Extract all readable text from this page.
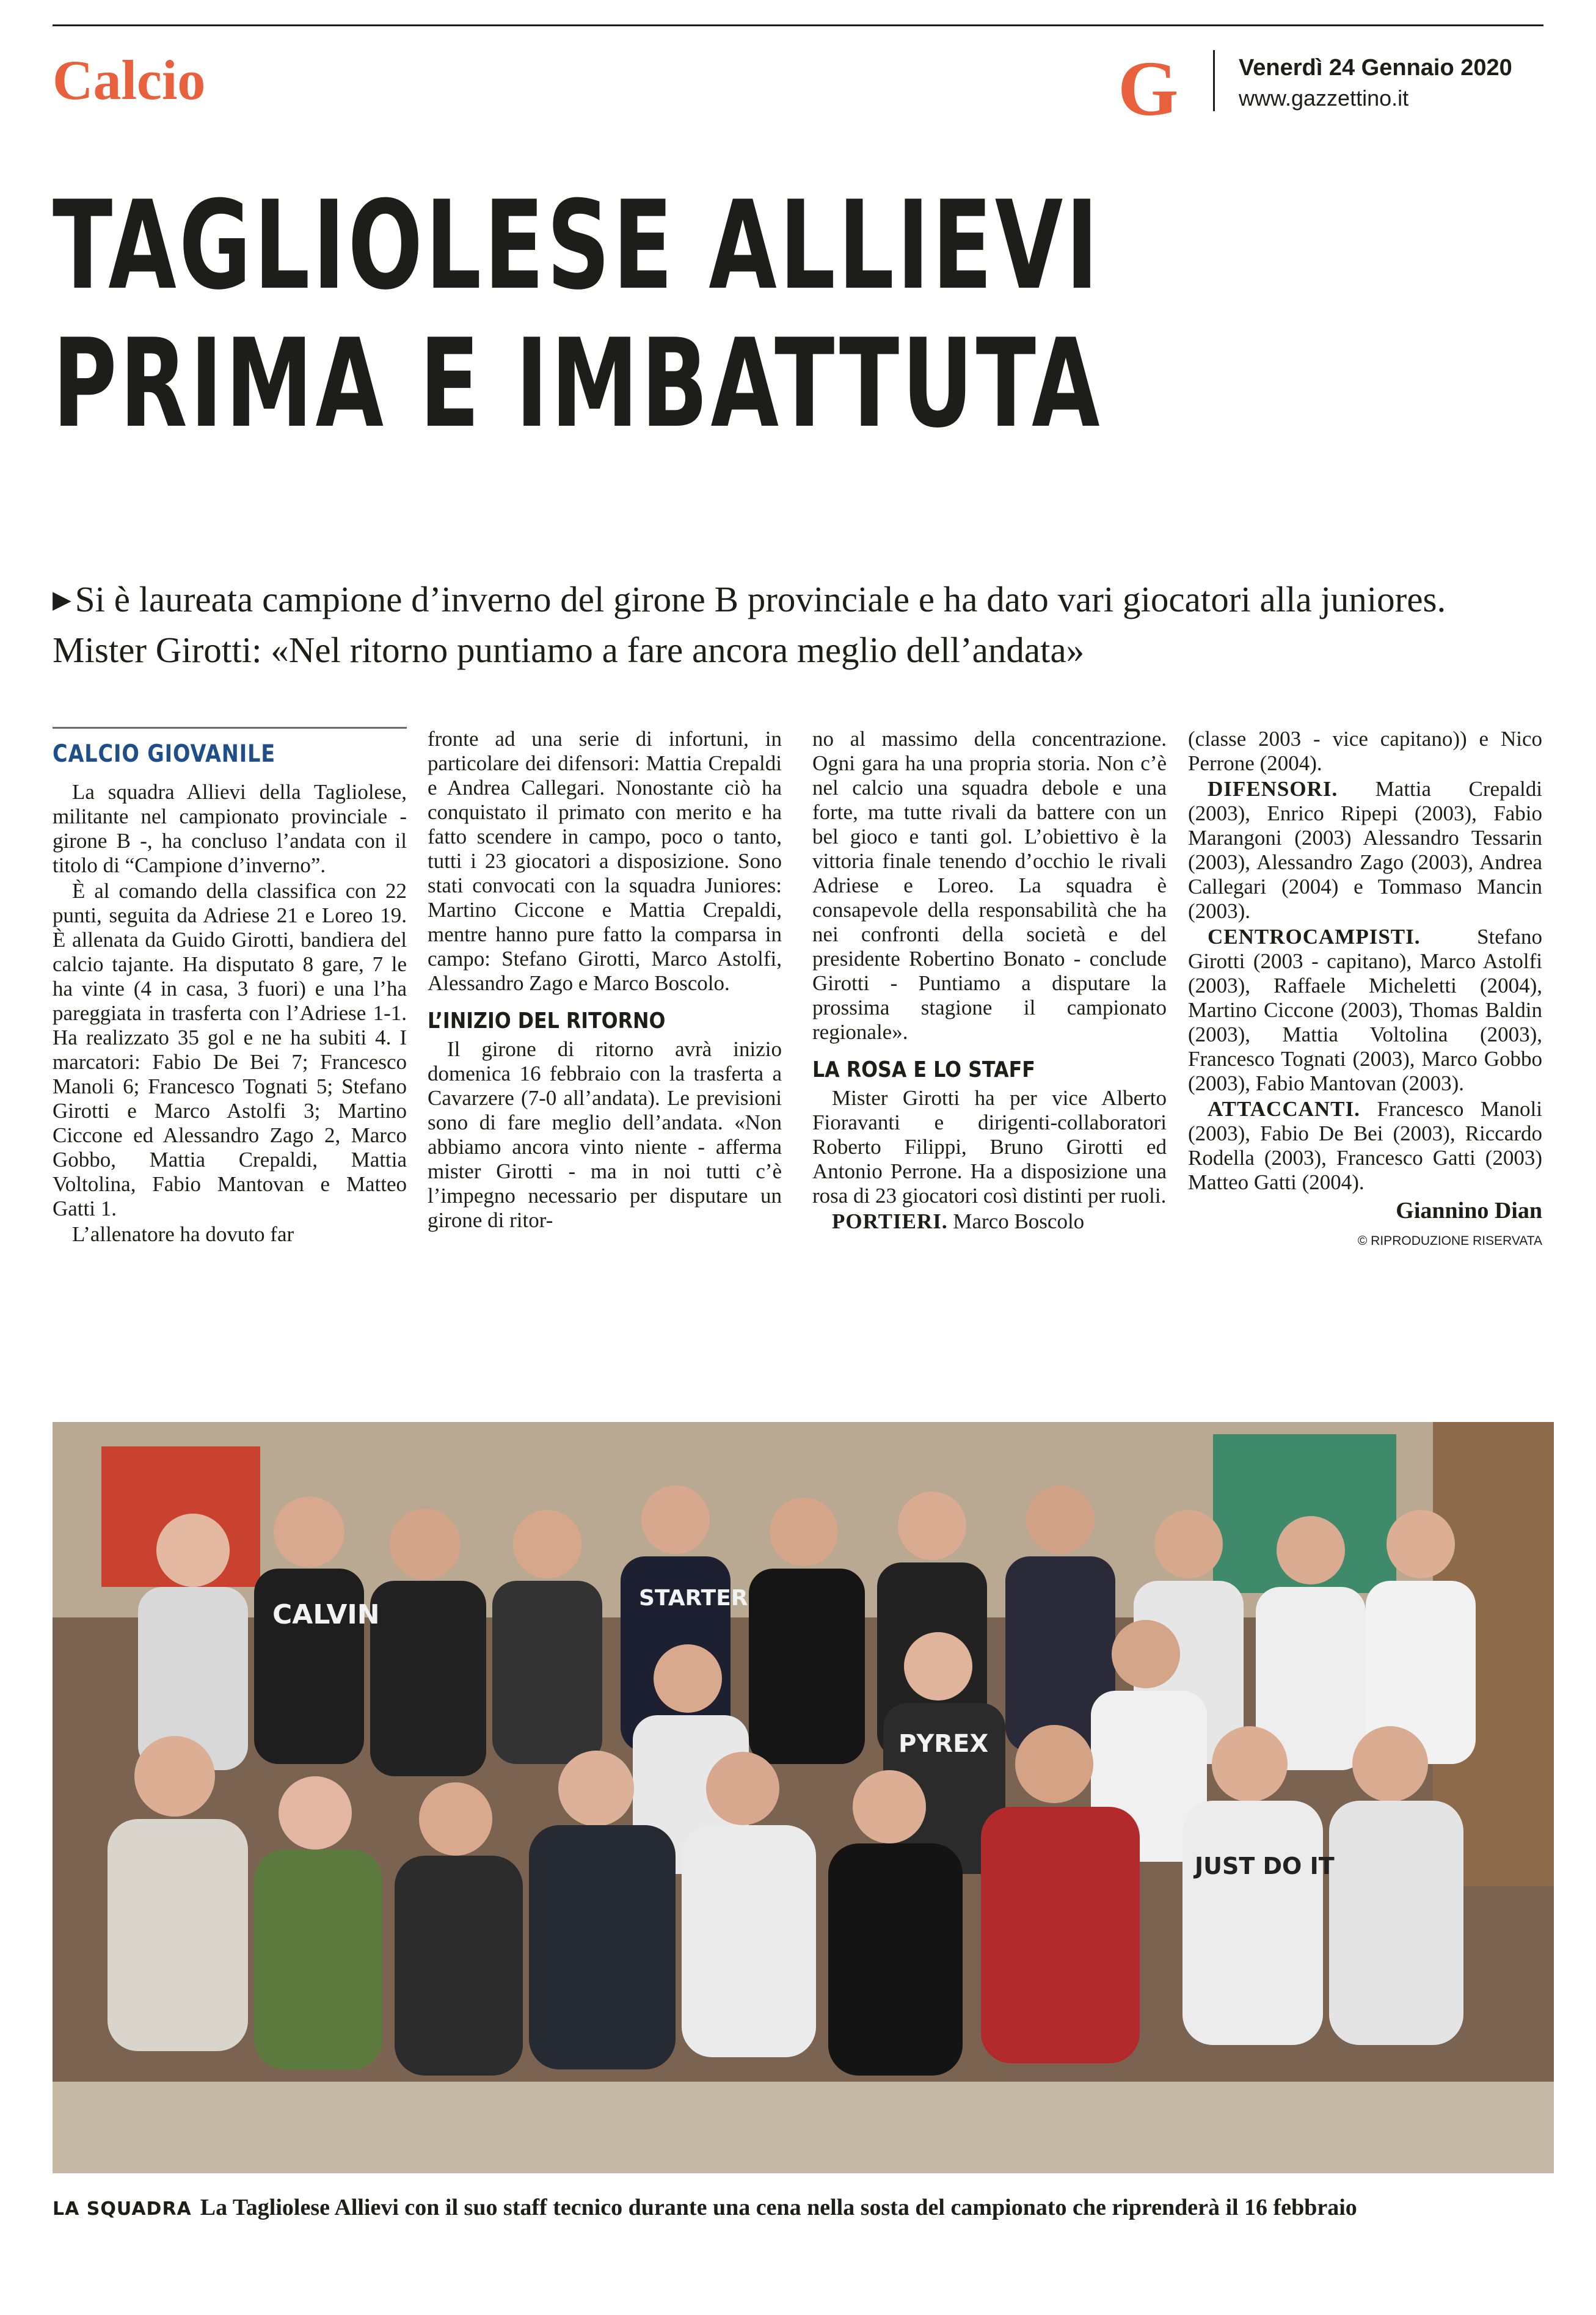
Calcio	G	Venerdì 24 Gennaio 2020
www.gazzettino.it
TAGLIOLESE ALLIEVI
PRIMA E IMBATTUTA
▶ Si è laureata campione d’inverno del girone B provinciale e ha dato vari giocatori alla juniores. Mister Girotti: «Nel ritorno puntiamo a fare ancora meglio dell’andata»
CALCIO GIOVANILE

La squadra Allievi della Tagliolese, militante nel campionato provinciale - girone B -, ha concluso l’andata con il titolo di “Campione d’inverno”.

È al comando della classifica con 22 punti, seguita da Adriese 21 e Loreo 19. È allenata da Guido Girotti, bandiera del calcio tajante. Ha disputato 8 gare, 7 le ha vinte (4 in casa, 3 fuori) e una l’ha pareggiata in trasferta con l’Adriese 1-1. Ha realizzato 35 gol e ne ha subiti 4. I marcatori: Fabio De Bei 7; Francesco Manoli 6; Francesco Tognati 5; Stefano Girotti e Marco Astolfi 3; Martino Ciccone ed Alessandro Zago 2, Marco Gobbo, Mattia Crepaldi, Mattia Voltolina, Fabio Mantovan e Matteo Gatti 1.

L’allenatore ha dovuto far

fronte ad una serie di infortuni, in particolare dei difensori: Mattia Crepaldi e Andrea Callegari. Nonostante ciò ha conquistato il primato con merito e ha fatto scendere in campo, poco o tanto, tutti i 23 giocatori a disposizione. Sono stati convocati con la squadra Juniores: Martino Ciccone e Mattia Crepaldi, mentre hanno pure fatto la comparsa in campo: Stefano Girotti, Marco Astolfi, Alessandro Zago e Marco Boscolo.

L’INIZIO DEL RITORNO

Il girone di ritorno avrà inizio domenica 16 febbraio con la trasferta a Cavarzere (7-0 all’andata). Le previsioni sono di fare meglio dell’andata. «Non abbiamo ancora vinto niente - afferma mister Girotti - ma in noi tutti c’è l’impegno necessario per disputare un girone di ritor-

no al massimo della concentrazione. Ogni gara ha una propria storia. Non c’è nel calcio una squadra debole e una forte, ma tutte rivali da battere con un bel gioco e tanti gol. L’obiettivo è la vittoria finale tenendo d’occhio le rivali Adriese e Loreo. La squadra è consapevole della responsabilità che ha nei confronti della società e del presidente Robertino Bonato - conclude Girotti - Puntiamo a disputare la prossima stagione il campionato regionale».

LA ROSA E LO STAFF

Mister Girotti ha per vice Alberto Fioravanti e dirigenti-collaboratori Roberto Filippi, Bruno Girotti ed Antonio Perrone. Ha a disposizione una rosa di 23 giocatori così distinti per ruoli.

PORTIERI. Marco Boscolo

(classe 2003 - vice capitano)) e Nico Perrone (2004).

DIFENSORI. Mattia Crepaldi (2003), Enrico Ripepi (2003), Fabio Marangoni (2003) Alessandro Tessarin (2003), Alessandro Zago (2003), Andrea Callegari (2004) e Tommaso Mancin (2003).

CENTROCAMPISTI.	Stefano Girotti (2003 - capitano), Marco Astolfi (2003), Raffaele Micheletti (2004), Martino Ciccone (2003), Thomas Baldin (2003), Mattia Voltolina (2003), Francesco Tognati (2003), Marco Gobbo (2003), Fabio Mantovan (2003).

ATTACCANTI. Francesco Manoli (2003), Fabio De Bei (2003), Riccardo Rodella (2003), Francesco Gatti (2003) Matteo Gatti (2004).

Giannino Dian
© RIPRODUZIONE RISERVATA
CALVIN
STARTER
PYREX
JUST DO IT
LA SQUADRA La Tagliolese Allievi con il suo staff tecnico durante una cena nella sosta del campionato che riprenderà il 16 febbraio
